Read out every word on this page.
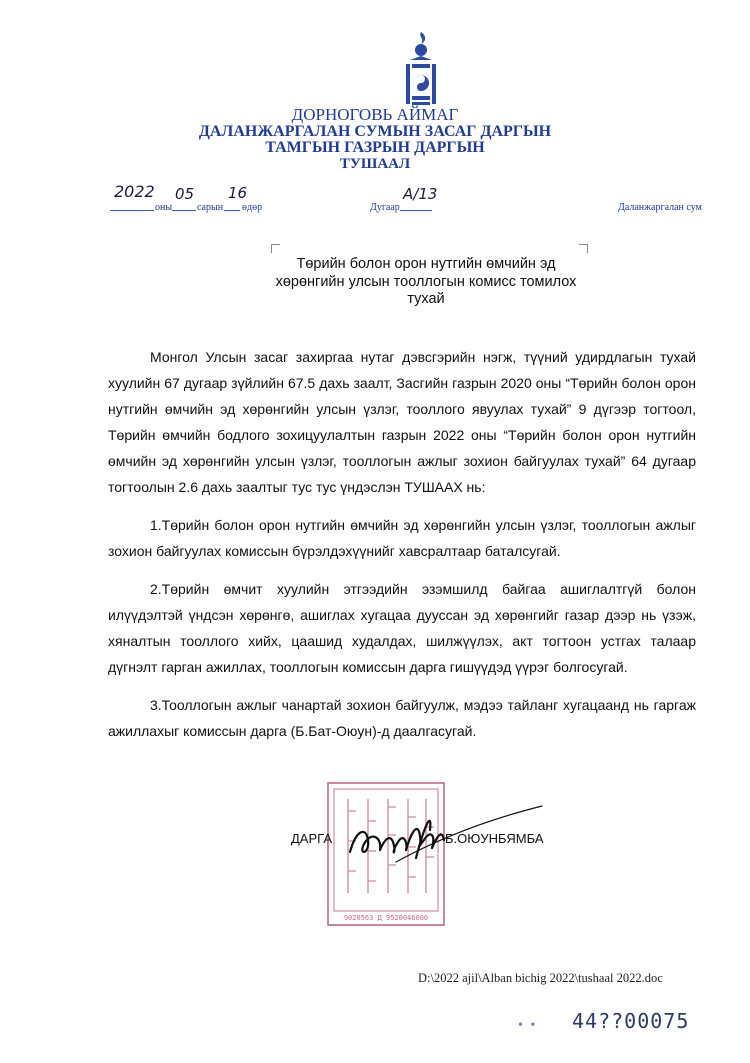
ДОРНОГОВЬ АЙМАГ
ДАЛАНЖАРГАЛАН СУМЫН ЗАСАГ ДАРГЫН
ТАМГЫН ГАЗРЫН ДАРГЫН
ТУШААЛ
2022
оны
05
сарын
16
өдөр	Дугаар
А/13
Даланжаргалан сум
Төрийн болон орон нутгийн өмчийн эд хөрөнгийн улсын тооллогын комисс томилох тухай

Монгол Улсын засаг захиргаа нутаг дэвсгэрийн нэгж, түүний удирдлагын тухай хуулийн 67 дугаар зүйлийн 67.5 дахь заалт, Засгийн газрын 2020 оны “Төрийн болон орон нутгийн өмчийн эд хөрөнгийн улсын үзлэг, тооллого явуулах тухай” 9 дүгээр тогтоол, Төрийн өмчийн бодлого зохицуулалтын газрын 2022 оны “Төрийн болон орон нутгийн өмчийн эд хөрөнгийн улсын үзлэг, тооллогын ажлыг зохион байгуулах тухай” 64 дугаар тогтоолын 2.6 дахь заалтыг тус тус үндэслэн ТУШААХ нь:

1.Төрийн болон орон нутгийн өмчийн эд хөрөнгийн улсын үзлэг, тооллогын ажлыг зохион байгуулах комиссын бүрэлдэхүүнийг хавсралтаар баталсугай.

2.Төрийн өмчит хуулийн этгээдийн эзэмшилд байгаа ашиглалтгүй болон илүүдэлтэй үндсэн хөрөнгө, ашиглах хугацаа дууссан эд хөрөнгийг газар дээр нь үзэж, хяналтын тооллого хийх, цаашид худалдах, шилжүүлэх, акт тогтоон устгах талаар дүгнэлт гарган ажиллах, тооллогын комиссын дарга гишүүдэд үүрэг болгосугай.

3.Тооллогын ажлыг чанартай зохион байгуулж, мэдээ тайланг хугацаанд нь гаргаж ажиллахыг комиссын дарга (Б.Бат-Оюун)-д даалгасугай.

9020563 Д 9520046000
ДАРГА	Б.ОЮУНБЯМБА
D:\2022 ajil\Alban bichig 2022\tushaal 2022.doc
• • 44??00075
